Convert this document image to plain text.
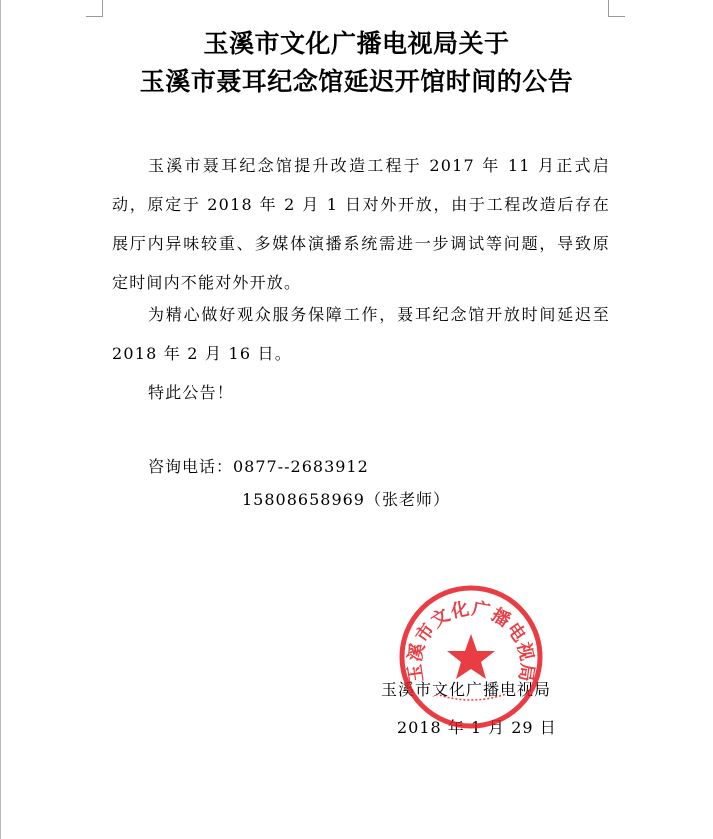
玉溪市文化广播电视局关于
玉溪市聂耳纪念馆延迟开馆时间的公告

玉溪市聂耳纪念馆提升改造工程于 2017 年 11 月正式启动，原定于 2018 年 2 月 1 日对外开放，由于工程改造后存在展厅内异味较重、多媒体演播系统需进一步调试等问题，导致原定时间内不能对外开放。

为精心做好观众服务保障工作，聂耳纪念馆开放时间延迟至 2018 年 2 月 16 日。

特此公告！

咨询电话：0877--2683912
15808658969（张老师）
玉溪市文化广播电视局
2018 年 1 月 29 日
玉溪市文化广播电视局
